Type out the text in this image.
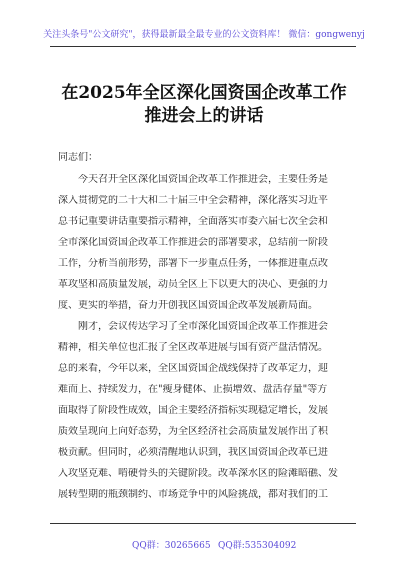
关注头条号"公文研究"，获得最新最全最专业的公文资料库！ 微信：gongwenyj
在2025年全区深化国资国企改革工作
推进会上的讲话
同志们：
　　今天召开全区深化国资国企改革工作推进会，主要任务是
深入贯彻党的二十大和二十届三中全会精神，深化落实习近平
总书记重要讲话重要指示精神，全面落实市委六届七次全会和
全市深化国资国企改革工作推进会的部署要求，总结前一阶段
工作，分析当前形势，部署下一步重点任务，一体推进重点改
革攻坚和高质量发展，动员全区上下以更大的决心、更强的力
度、更实的举措，奋力开创我区国资国企改革发展新局面。
　　刚才，会议传达学习了全市深化国资国企改革工作推进会
精神，相关单位也汇报了全区改革进展与国有资产盘活情况。
总的来看，今年以来，全区国资国企战线保持了改革定力，迎
难而上、持续发力，在"瘦身健体、止损增效、盘活存量"等方
面取得了阶段性成效，国企主要经济指标实现稳定增长，发展
质效呈现向上向好态势，为全区经济社会高质量发展作出了积
极贡献。但同时，必须清醒地认识到，我区国资国企改革已进
入攻坚克难、啃硬骨头的关键阶段。改革深水区的险滩暗礁、发
展转型期的瓶颈制约、市场竞争中的风险挑战，都对我们的工
QQ群：30265665 QQ群:535304092
